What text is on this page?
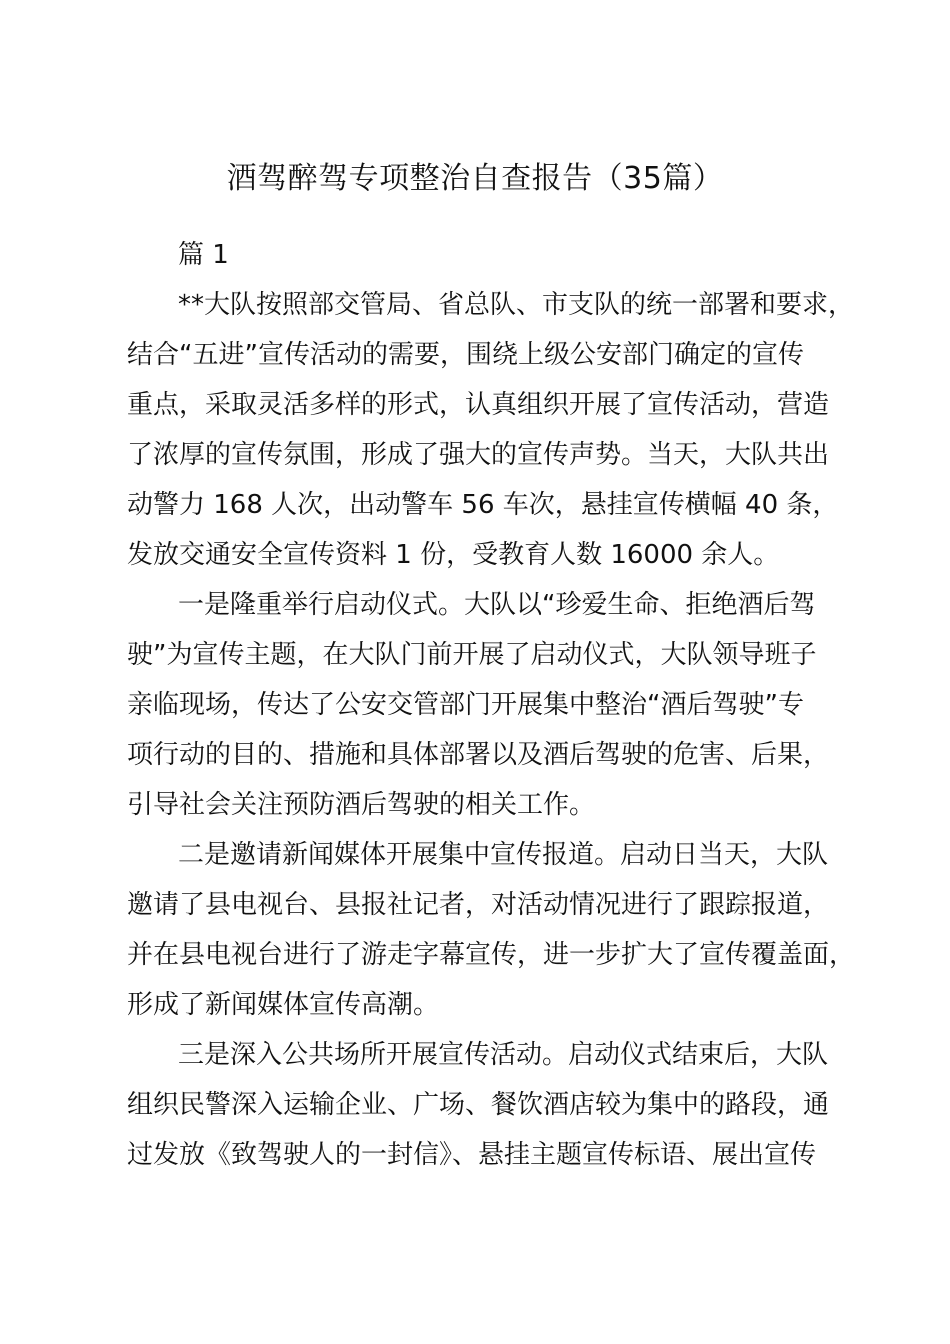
酒驾醉驾专项整治自查报告（35篇）
篇 1
**大队按照部交管局、省总队、市支队的统一部署和要求，
结合“五进”宣传活动的需要，围绕上级公安部门确定的宣传
重点，采取灵活多样的形式，认真组织开展了宣传活动，营造
了浓厚的宣传氛围，形成了强大的宣传声势。当天，大队共出
动警力 168 人次，出动警车 56 车次，悬挂宣传横幅 40 条，
发放交通安全宣传资料 1 份，受教育人数 16000 余人。
一是隆重举行启动仪式。大队以“珍爱生命、拒绝酒后驾
驶”为宣传主题，在大队门前开展了启动仪式，大队领导班子
亲临现场，传达了公安交管部门开展集中整治“酒后驾驶”专
项行动的目的、措施和具体部署以及酒后驾驶的危害、后果，
引导社会关注预防酒后驾驶的相关工作。
二是邀请新闻媒体开展集中宣传报道。启动日当天，大队
邀请了县电视台、县报社记者，对活动情况进行了跟踪报道，
并在县电视台进行了游走字幕宣传，进一步扩大了宣传覆盖面，
形成了新闻媒体宣传高潮。
三是深入公共场所开展宣传活动。启动仪式结束后，大队
组织民警深入运输企业、广场、餐饮酒店较为集中的路段，通
过发放《致驾驶人的一封信》、悬挂主题宣传标语、展出宣传
